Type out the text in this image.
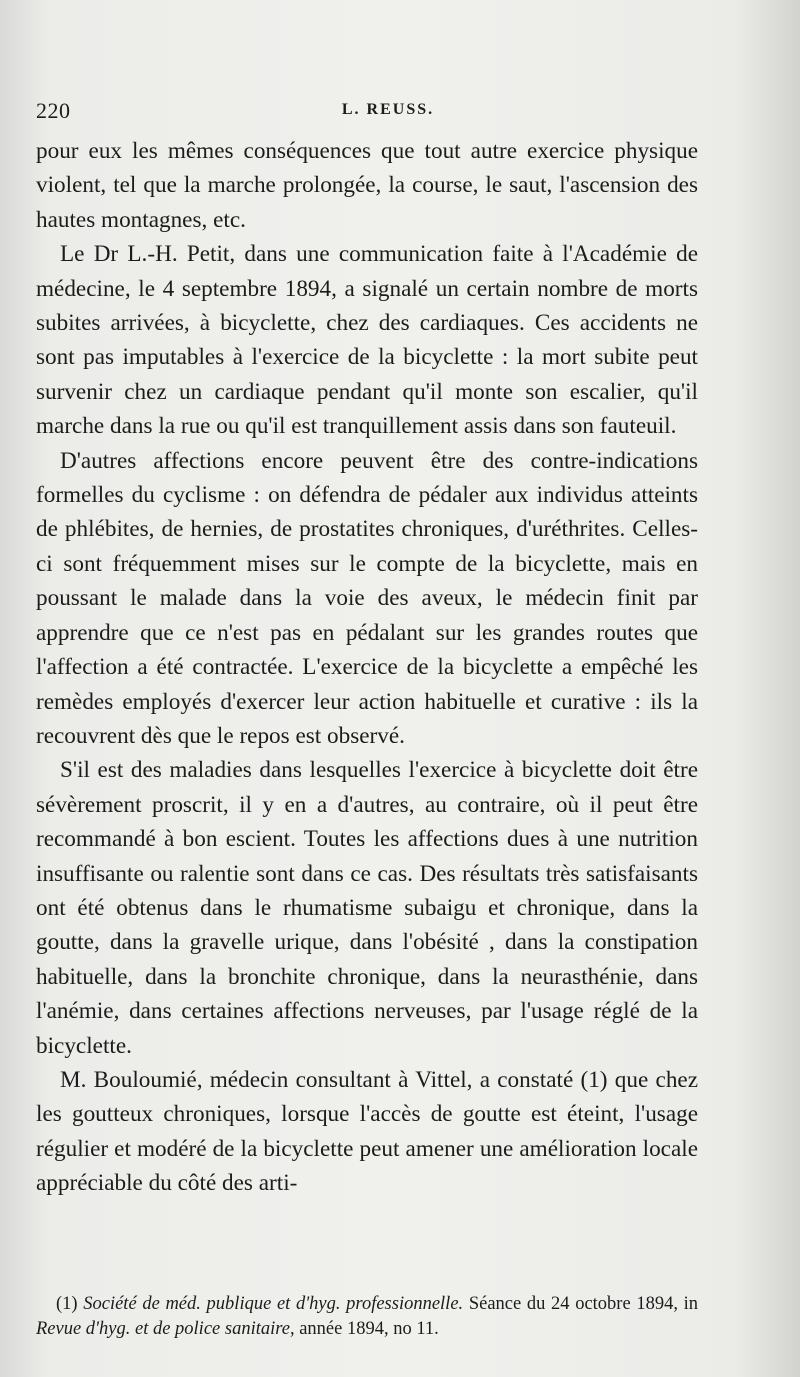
220	L. REUSS.

pour eux les mêmes conséquences que tout autre exercice physique violent, tel que la marche prolongée, la course, le saut, l'ascension des hautes montagnes, etc.

Le Dr L.-H. Petit, dans une communication faite à l'Académie de médecine, le 4 septembre 1894, a signalé un certain nombre de morts subites arrivées, à bicyclette, chez des cardiaques. Ces accidents ne sont pas imputables à l'exercice de la bicyclette : la mort subite peut survenir chez un cardiaque pendant qu'il monte son escalier, qu'il marche dans la rue ou qu'il est tranquillement assis dans son fauteuil.

D'autres affections encore peuvent être des contre-indications formelles du cyclisme : on défendra de pédaler aux individus atteints de phlébites, de hernies, de prostatites chroniques, d'uréthrites. Celles-ci sont fréquemment mises sur le compte de la bicyclette, mais en poussant le malade dans la voie des aveux, le médecin finit par apprendre que ce n'est pas en pédalant sur les grandes routes que l'affection a été contractée. L'exercice de la bicyclette a empêché les remèdes employés d'exercer leur action habituelle et curative : ils la recouvrent dès que le repos est observé.

S'il est des maladies dans lesquelles l'exercice à bicyclette doit être sévèrement proscrit, il y en a d'autres, au contraire, où il peut être recommandé à bon escient. Toutes les affections dues à une nutrition insuffisante ou ralentie sont dans ce cas. Des résultats très satisfaisants ont été obtenus dans le rhumatisme subaigu et chronique, dans la goutte, dans la gravelle urique, dans l'obésité , dans la constipation habituelle, dans la bronchite chronique, dans la neurasthénie, dans l'anémie, dans certaines affections nerveuses, par l'usage réglé de la bicyclette.

M. Bouloumié, médecin consultant à Vittel, a constaté (1) que chez les goutteux chroniques, lorsque l'accès de goutte est éteint, l'usage régulier et modéré de la bicyclette peut amener une amélioration locale appréciable du côté des arti-

(1) Société de méd. publique et d'hyg. professionnelle. Séance du 24 octobre 1894, in Revue d'hyg. et de police sanitaire, année 1894, no 11.
